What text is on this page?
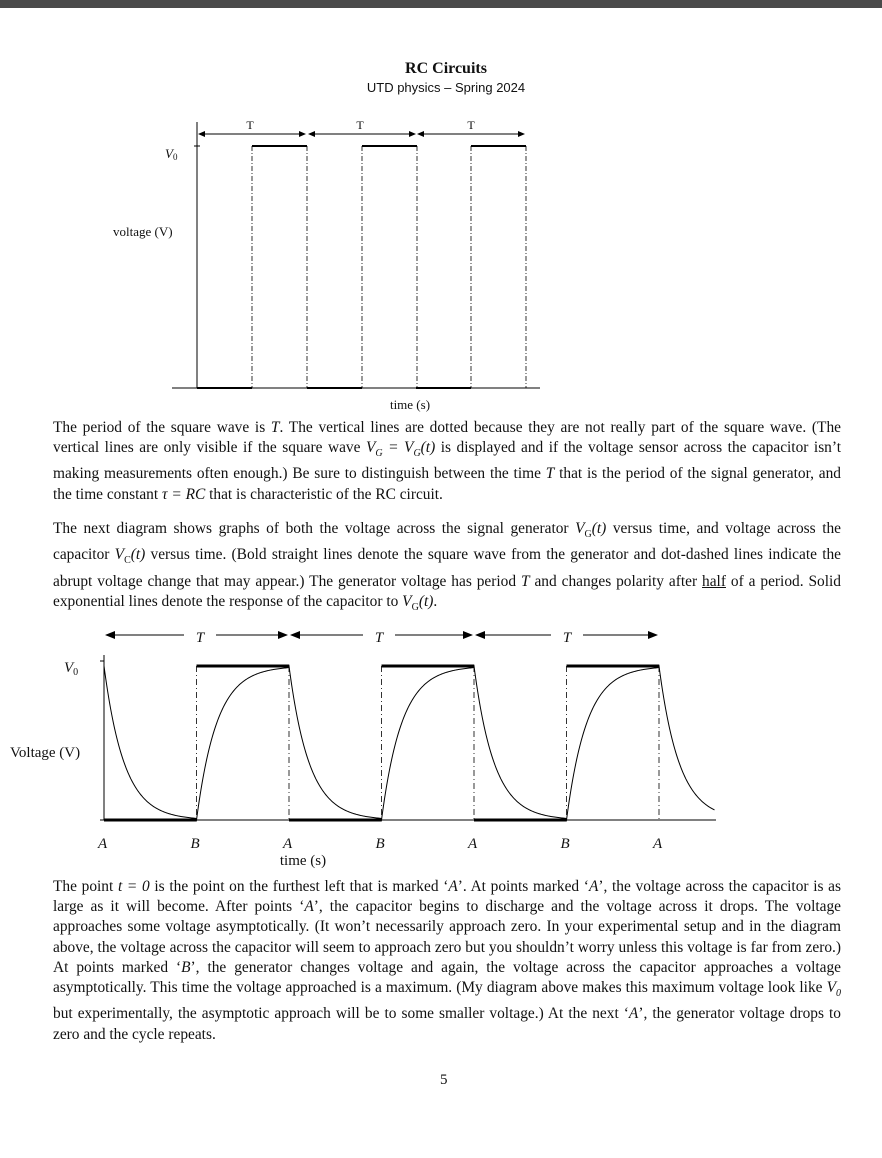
RC Circuits
UTD physics – Spring 2024
T	T	T
V0
voltage (V)
time (s)

The period of the square wave is T. The vertical lines are dotted because they are not really part of the square wave. (The vertical lines are only visible if the square wave $V_G = V_G(t)$ is displayed and if the voltage sensor across the capacitor isn’t making measurements often enough.) Be sure to distinguish between the time T that is the period of the signal generator, and the time constant τ = RC that is characteristic of the RC circuit.

The next diagram shows graphs of both the voltage across the signal generator $V_G(t)$ versus time, and voltage across the capacitor $V_C(t)$ versus time. (Bold straight lines denote the square wave from the generator and dot-dashed lines indicate the abrupt voltage change that may appear.) The generator voltage has period T and changes polarity after half of a period. Solid exponential lines denote the response of the capacitor to $V_G(t)$.

T	T	T
$V_0$
Voltage (V)
time (s)
A	B	A	B	A	B	A

The point t = 0 is the point on the furthest left that is marked ‘A’. At points marked ‘A’, the voltage across the capacitor is as large as it will become. After points ‘A’, the capacitor begins to discharge and the voltage across it drops. The voltage approaches some voltage asymptotically. (It won’t necessarily approach zero. In your experimental setup and in the diagram above, the voltage across the capacitor will seem to approach zero but you shouldn’t worry unless this voltage is far from zero.) At points marked ‘B’, the generator changes voltage and again, the voltage across the capacitor approaches a voltage asymptotically. This time the voltage approached is a maximum. (My diagram above makes this maximum voltage look like $V_0$ but experimentally, the asymptotic approach will be to some smaller voltage.) At the next ‘A’, the generator voltage drops to zero and the cycle repeats.

5
